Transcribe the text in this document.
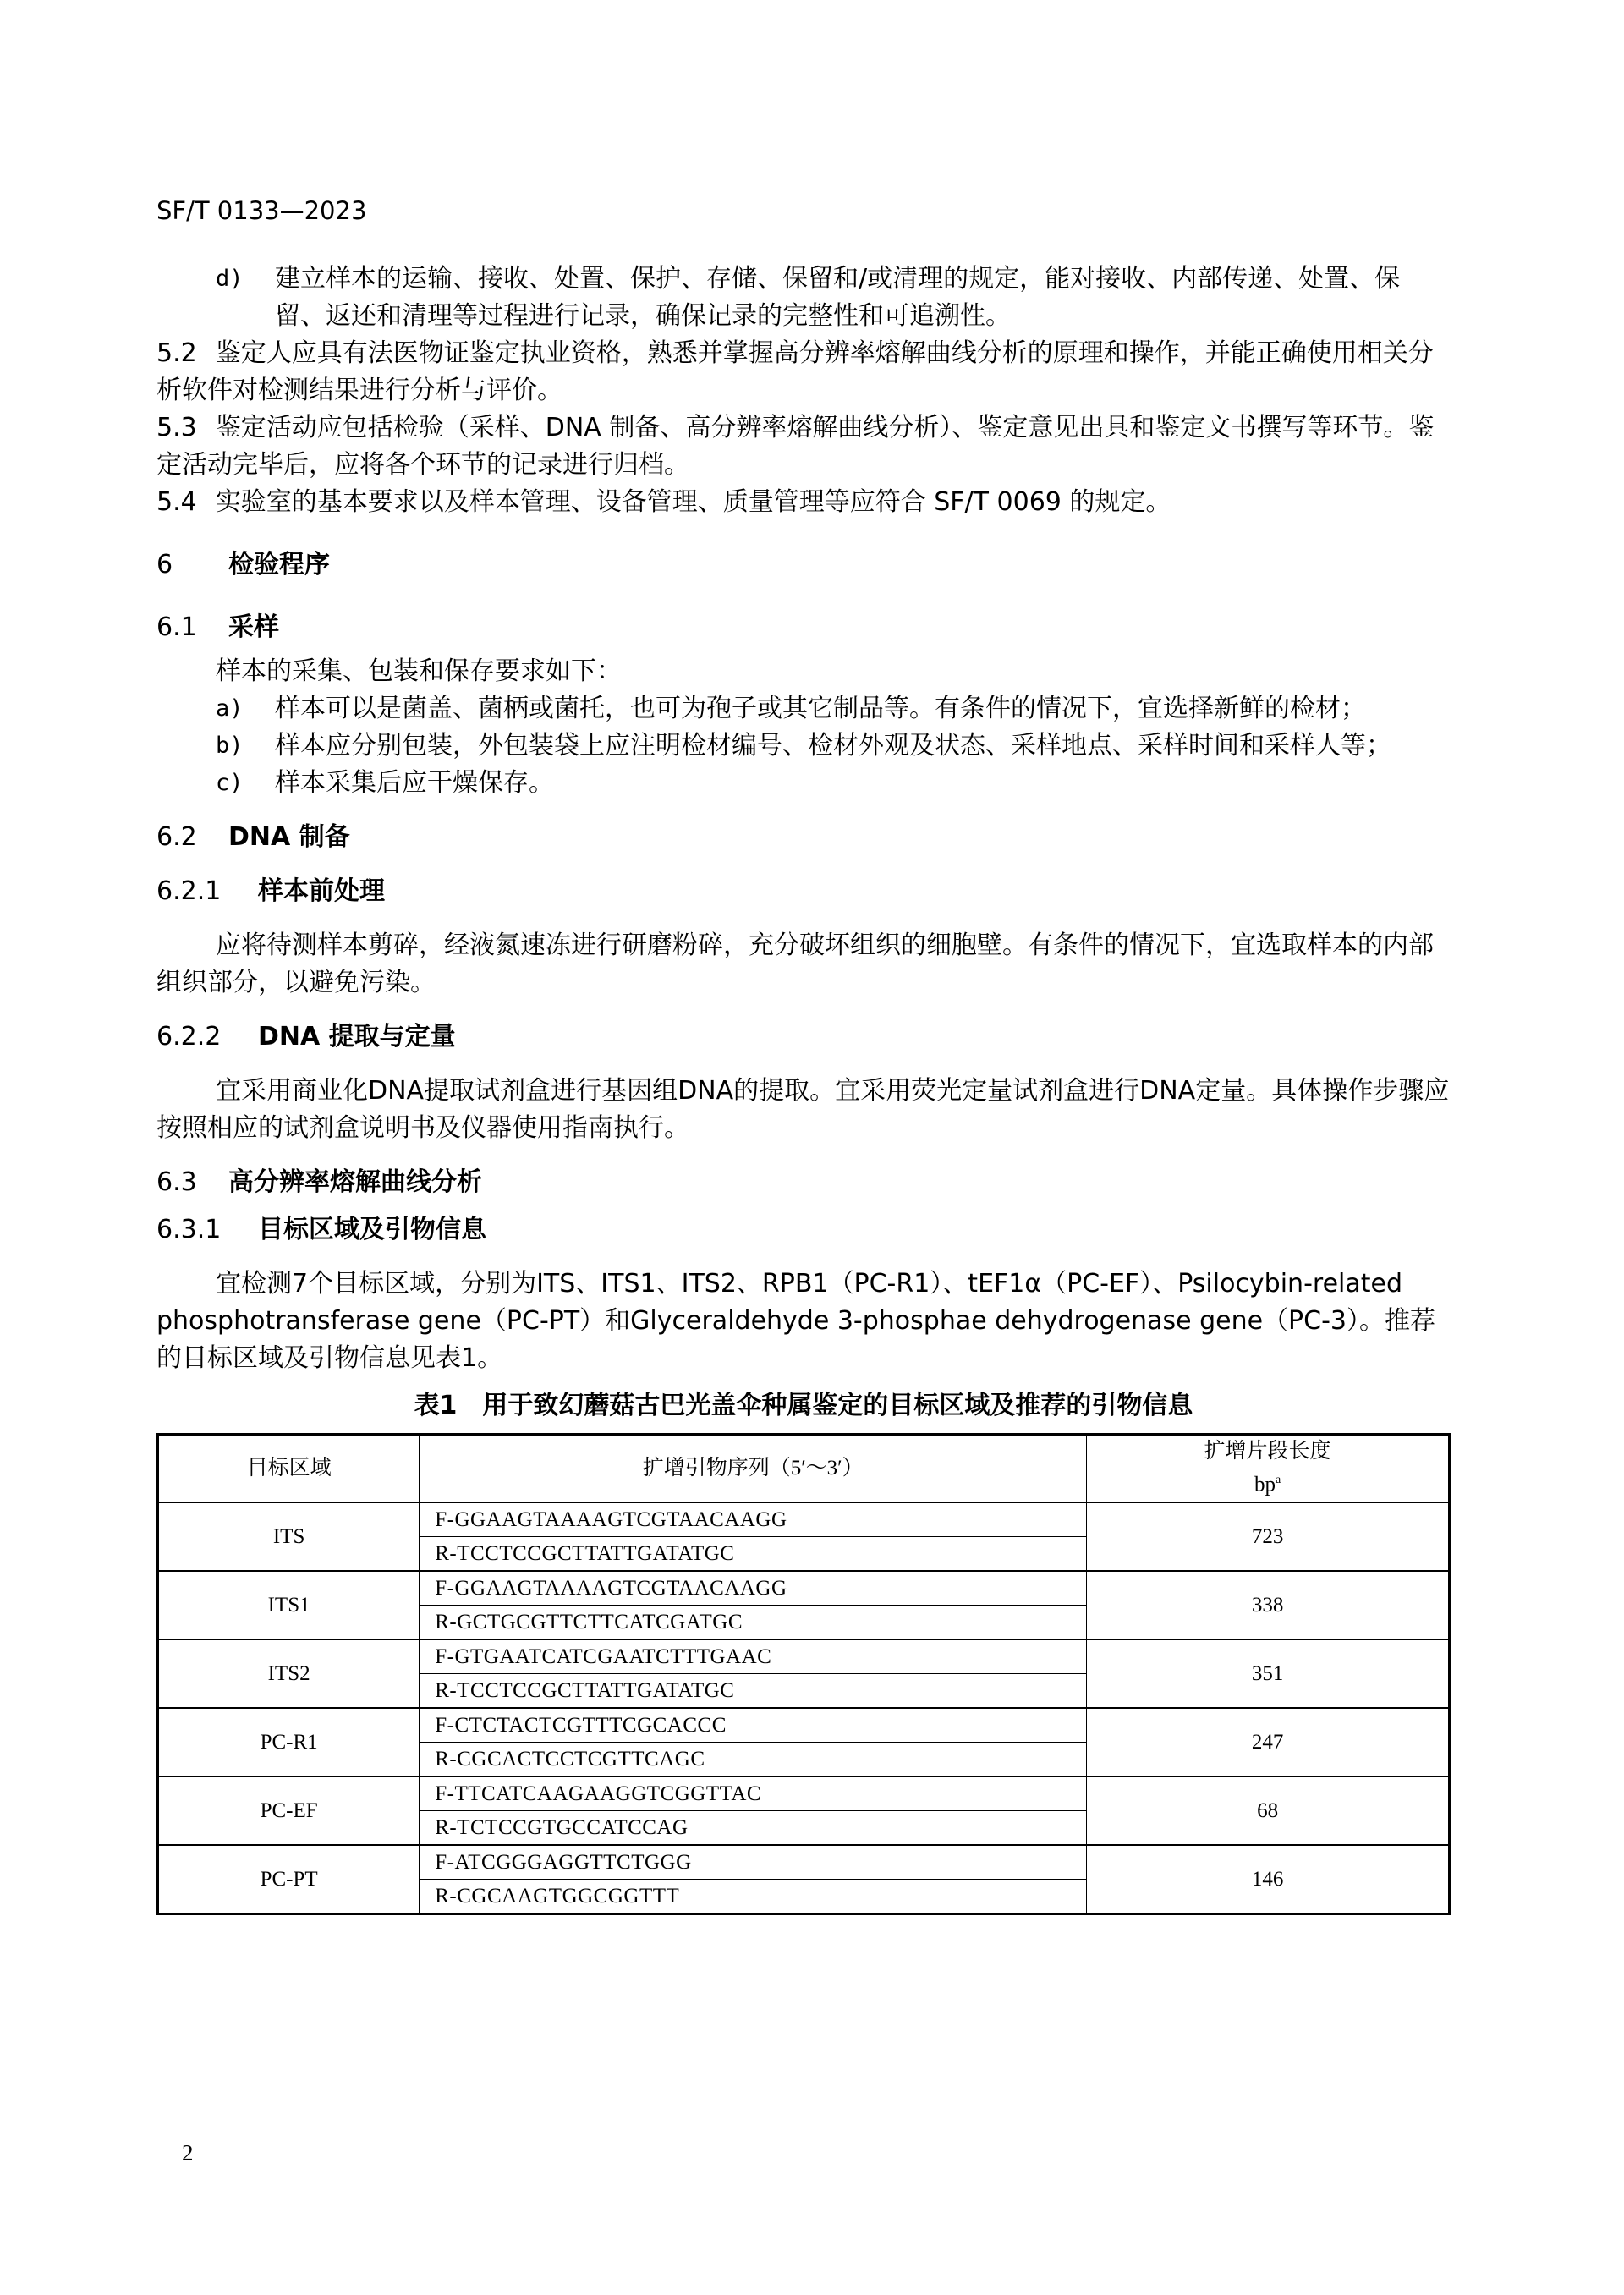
SF/T 0133—2023
d)	建立样本的运输、接收、处置、保护、存储、保留和/或清理的规定，能对接收、内部传递、处置、保留、返还和清理等过程进行记录，确保记录的完整性和可追溯性。

5.2 鉴定人应具有法医物证鉴定执业资格，熟悉并掌握高分辨率熔解曲线分析的原理和操作，并能正确使用相关分析软件对检测结果进行分析与评价。

5.3 鉴定活动应包括检验（采样、DNA 制备、高分辨率熔解曲线分析）、鉴定意见出具和鉴定文书撰写等环节。鉴定活动完毕后，应将各个环节的记录进行归档。

5.4 实验室的基本要求以及样本管理、设备管理、质量管理等应符合 SF/T 0069 的规定。

6	检验程序
6.1	采样

样本的采集、包装和保存要求如下：

a)	样本可以是菌盖、菌柄或菌托，也可为孢子或其它制品等。有条件的情况下，宜选择新鲜的检材；
b)	样本应分别包装，外包装袋上应注明检材编号、检材外观及状态、采样地点、采样时间和采样人等；
c)	样本采集后应干燥保存。
6.2	DNA 制备
6.2.1	样本前处理

应将待测样本剪碎，经液氮速冻进行研磨粉碎，充分破坏组织的细胞壁。有条件的情况下，宜选取样本的内部组织部分，以避免污染。

6.2.2	DNA 提取与定量

宜采用商业化DNA提取试剂盒进行基因组DNA的提取。宜采用荧光定量试剂盒进行DNA定量。具体操作步骤应按照相应的试剂盒说明书及仪器使用指南执行。

6.3	高分辨率熔解曲线分析
6.3.1	目标区域及引物信息

宜检测7个目标区域，分别为ITS、ITS1、ITS2、RPB1（PC-R1）、tEF1α（PC-EF）、Psilocybin-related phosphotransferase gene（PC-PT）和Glyceraldehyde 3-phosphae dehydrogenase gene（PC-3）。推荐的目标区域及引物信息见表1。

表1　用于致幻蘑菇古巴光盖伞种属鉴定的目标区域及推荐的引物信息
目标区域	扩增引物序列（5′～3′）	扩增片段长度
$bp^a$

ITS	F-GGAAGTAAAAGTCGTAACAAGG	723
	R-TCCTCCGCTTATTGATATGC	
ITS1	F-GGAAGTAAAAGTCGTAACAAGG	338
	R-GCTGCGTTCTTCATCGATGC	
ITS2	F-GTGAATCATCGAATCTTTGAAC	351
	R-TCCTCCGCTTATTGATATGC	
PC-R1	F-CTCTACTCGTTTCGCACCC	247
	R-CGCACTCCTCGTTCAGC	
PC-EF	F-TTCATCAAGAAGGTCGGTTAC	68
	R-TCTCCGTGCCATCCAG	
PC-PT	F-ATCGGGAGGTTCTGGG	146
	R-CGCAAGTGGCGGTTT	
2
